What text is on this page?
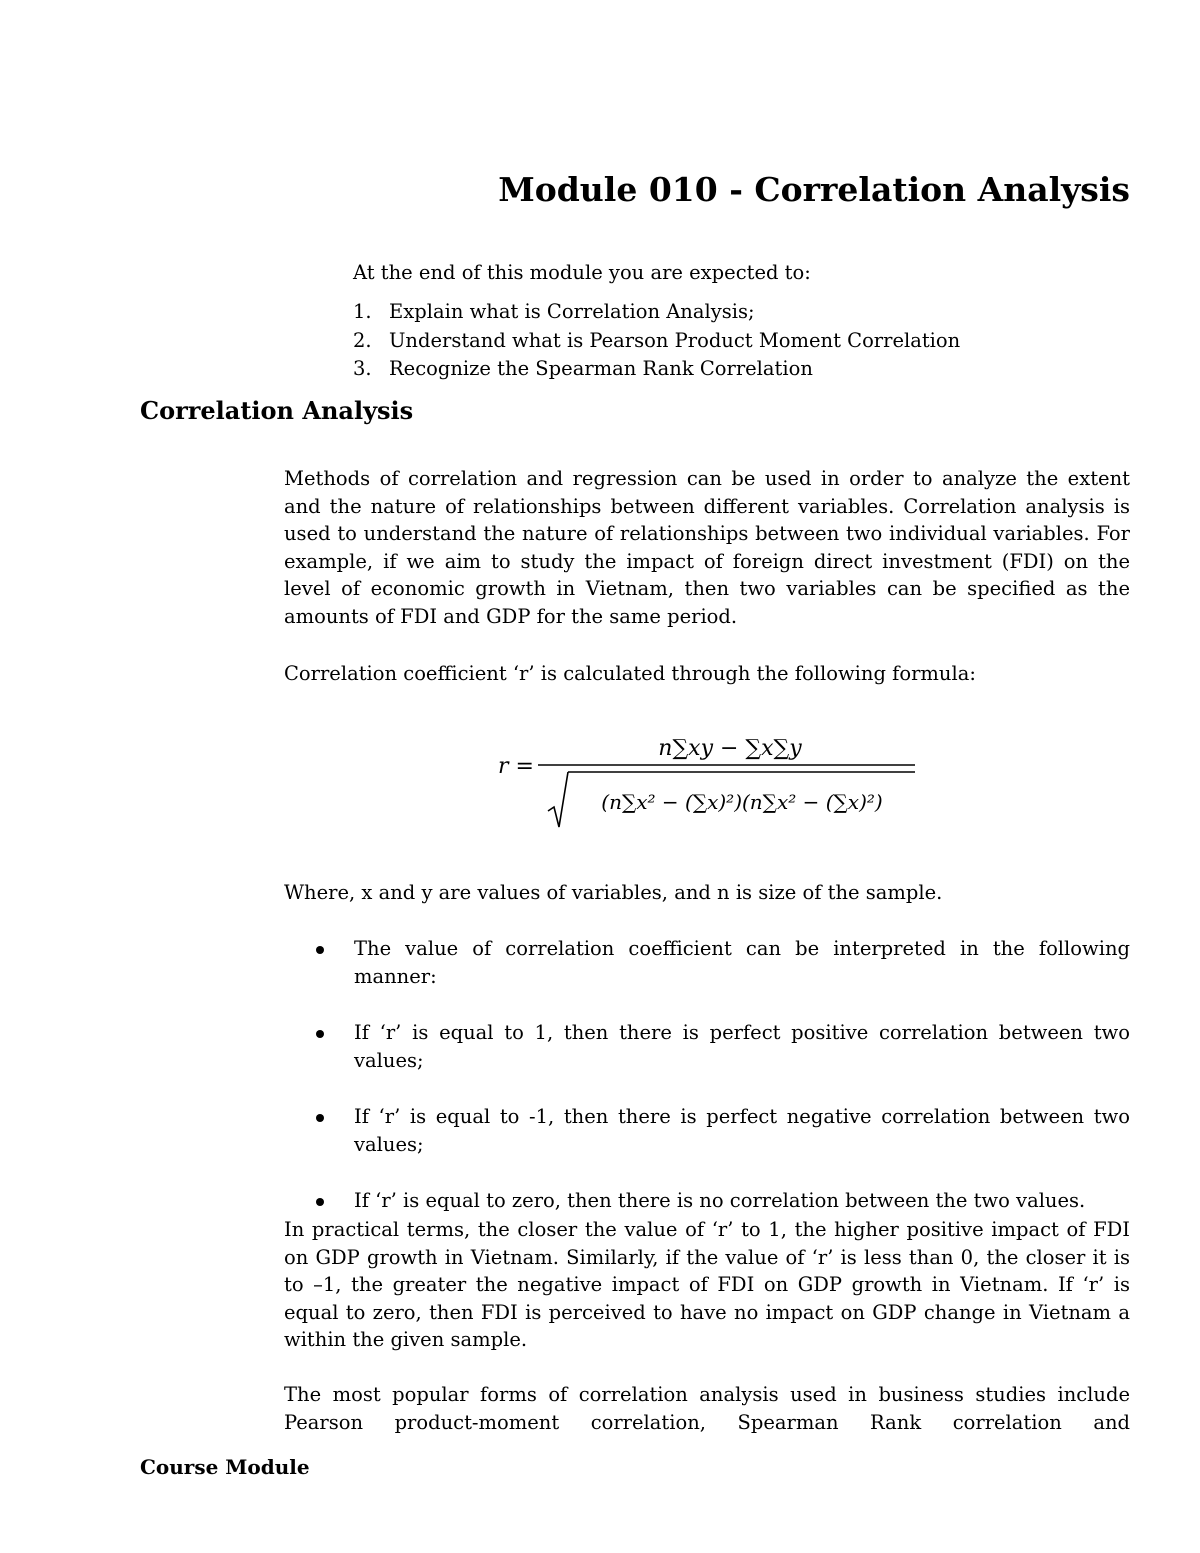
Module 010 - Correlation Analysis
At the end of this module you are expected to:
1. Explain what is Correlation Analysis;
2. Understand what is Pearson Product Moment Correlation
3. Recognize the Spearman Rank Correlation
Correlation Analysis

Methods of correlation and regression can be used in order to analyze the extent and the nature of relationships between different variables. Correlation analysis is used to understand the nature of relationships between two individual variables. For example, if we aim to study the impact of foreign direct investment (FDI) on the level of economic growth in Vietnam, then two variables can be specified as the amounts of FDI and GDP for the same period.

Correlation coefficient ‘r’ is calculated through the following formula:

r =
n∑xy − ∑x∑y
(n∑x² − (∑x)²)(n∑x² − (∑x)²)

Where, x and y are values of variables, and n is size of the sample.

The value of correlation coefficient can be interpreted in the following manner:
If ‘r’ is equal to 1, then there is perfect positive correlation between two values;
If ‘r’ is equal to -1, then there is perfect negative correlation between two values;
If ‘r’ is equal to zero, then there is no correlation between the two values.

In practical terms, the closer the value of ‘r’ to 1, the higher positive impact of FDI on GDP growth in Vietnam. Similarly, if the value of ‘r’ is less than 0, the closer it is to –1, the greater the negative impact of FDI on GDP growth in Vietnam. If ‘r’ is equal to zero, then FDI is perceived to have no impact on GDP change in Vietnam a within the given sample.

The most popular forms of correlation analysis used in business studies include Pearson product-moment correlation, Spearman Rank correlation and

Course Module
